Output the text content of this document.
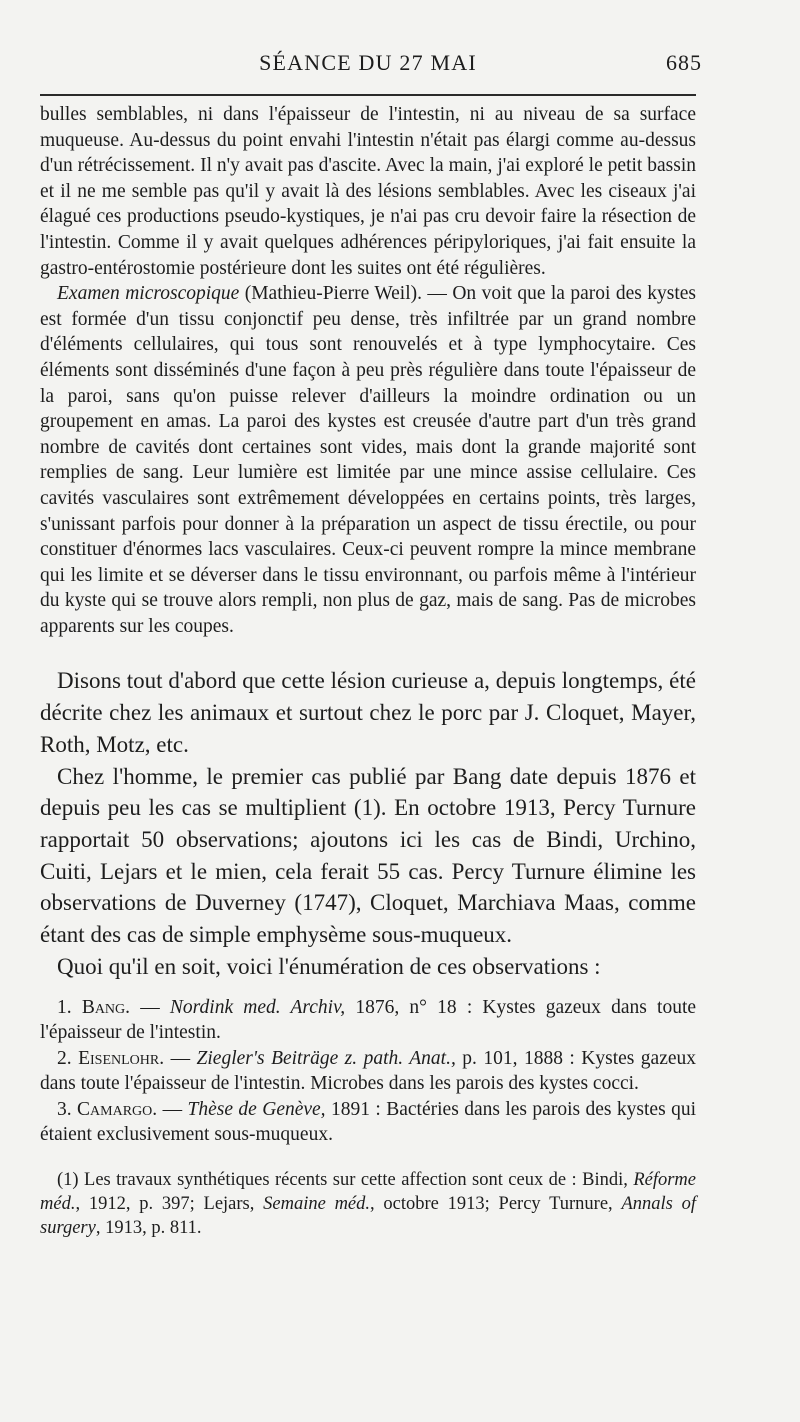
SÉANCE DU 27 MAI	685

bulles semblables, ni dans l'épaisseur de l'intestin, ni au niveau de sa surface muqueuse. Au-dessus du point envahi l'intestin n'était pas élargi comme au-dessus d'un rétrécissement. Il n'y avait pas d'ascite. Avec la main, j'ai exploré le petit bassin et il ne me semble pas qu'il y avait là des lésions semblables. Avec les ciseaux j'ai élagué ces productions pseudo-kystiques, je n'ai pas cru devoir faire la résection de l'intestin. Comme il y avait quelques adhérences péripyloriques, j'ai fait ensuite la gastro-entérostomie postérieure dont les suites ont été régulières.

Examen microscopique (Mathieu-Pierre Weil). — On voit que la paroi des kystes est formée d'un tissu conjonctif peu dense, très infiltrée par un grand nombre d'éléments cellulaires, qui tous sont renouvelés et à type lymphocytaire. Ces éléments sont disséminés d'une façon à peu près régulière dans toute l'épaisseur de la paroi, sans qu'on puisse relever d'ailleurs la moindre ordination ou un groupement en amas. La paroi des kystes est creusée d'autre part d'un très grand nombre de cavités dont certaines sont vides, mais dont la grande majorité sont remplies de sang. Leur lumière est limitée par une mince assise cellulaire. Ces cavités vasculaires sont extrêmement développées en certains points, très larges, s'unissant parfois pour donner à la préparation un aspect de tissu érectile, ou pour constituer d'énormes lacs vasculaires. Ceux-ci peuvent rompre la mince membrane qui les limite et se déverser dans le tissu environnant, ou parfois même à l'intérieur du kyste qui se trouve alors rempli, non plus de gaz, mais de sang. Pas de microbes apparents sur les coupes.

Disons tout d'abord que cette lésion curieuse a, depuis longtemps, été décrite chez les animaux et surtout chez le porc par J. Cloquet, Mayer, Roth, Motz, etc.

Chez l'homme, le premier cas publié par Bang date depuis 1876 et depuis peu les cas se multiplient (1). En octobre 1913, Percy Turnure rapportait 50 observations; ajoutons ici les cas de Bindi, Urchino, Cuiti, Lejars et le mien, cela ferait 55 cas. Percy Turnure élimine les observations de Duverney (1747), Cloquet, Marchiava Maas, comme étant des cas de simple emphysème sous-muqueux.

Quoi qu'il en soit, voici l'énumération de ces observations :

1. Bang. — Nordink med. Archiv, 1876, n° 18 : Kystes gazeux dans toute l'épaisseur de l'intestin.

2. Eisenlohr. — Ziegler's Beiträge z. path. Anat., p. 101, 1888 : Kystes gazeux dans toute l'épaisseur de l'intestin. Microbes dans les parois des kystes cocci.

3. Camargo. — Thèse de Genève, 1891 : Bactéries dans les parois des kystes qui étaient exclusivement sous-muqueux.

(1) Les travaux synthétiques récents sur cette affection sont ceux de : Bindi, Réforme méd., 1912, p. 397; Lejars, Semaine méd., octobre 1913; Percy Turnure, Annals of surgery, 1913, p. 811.
